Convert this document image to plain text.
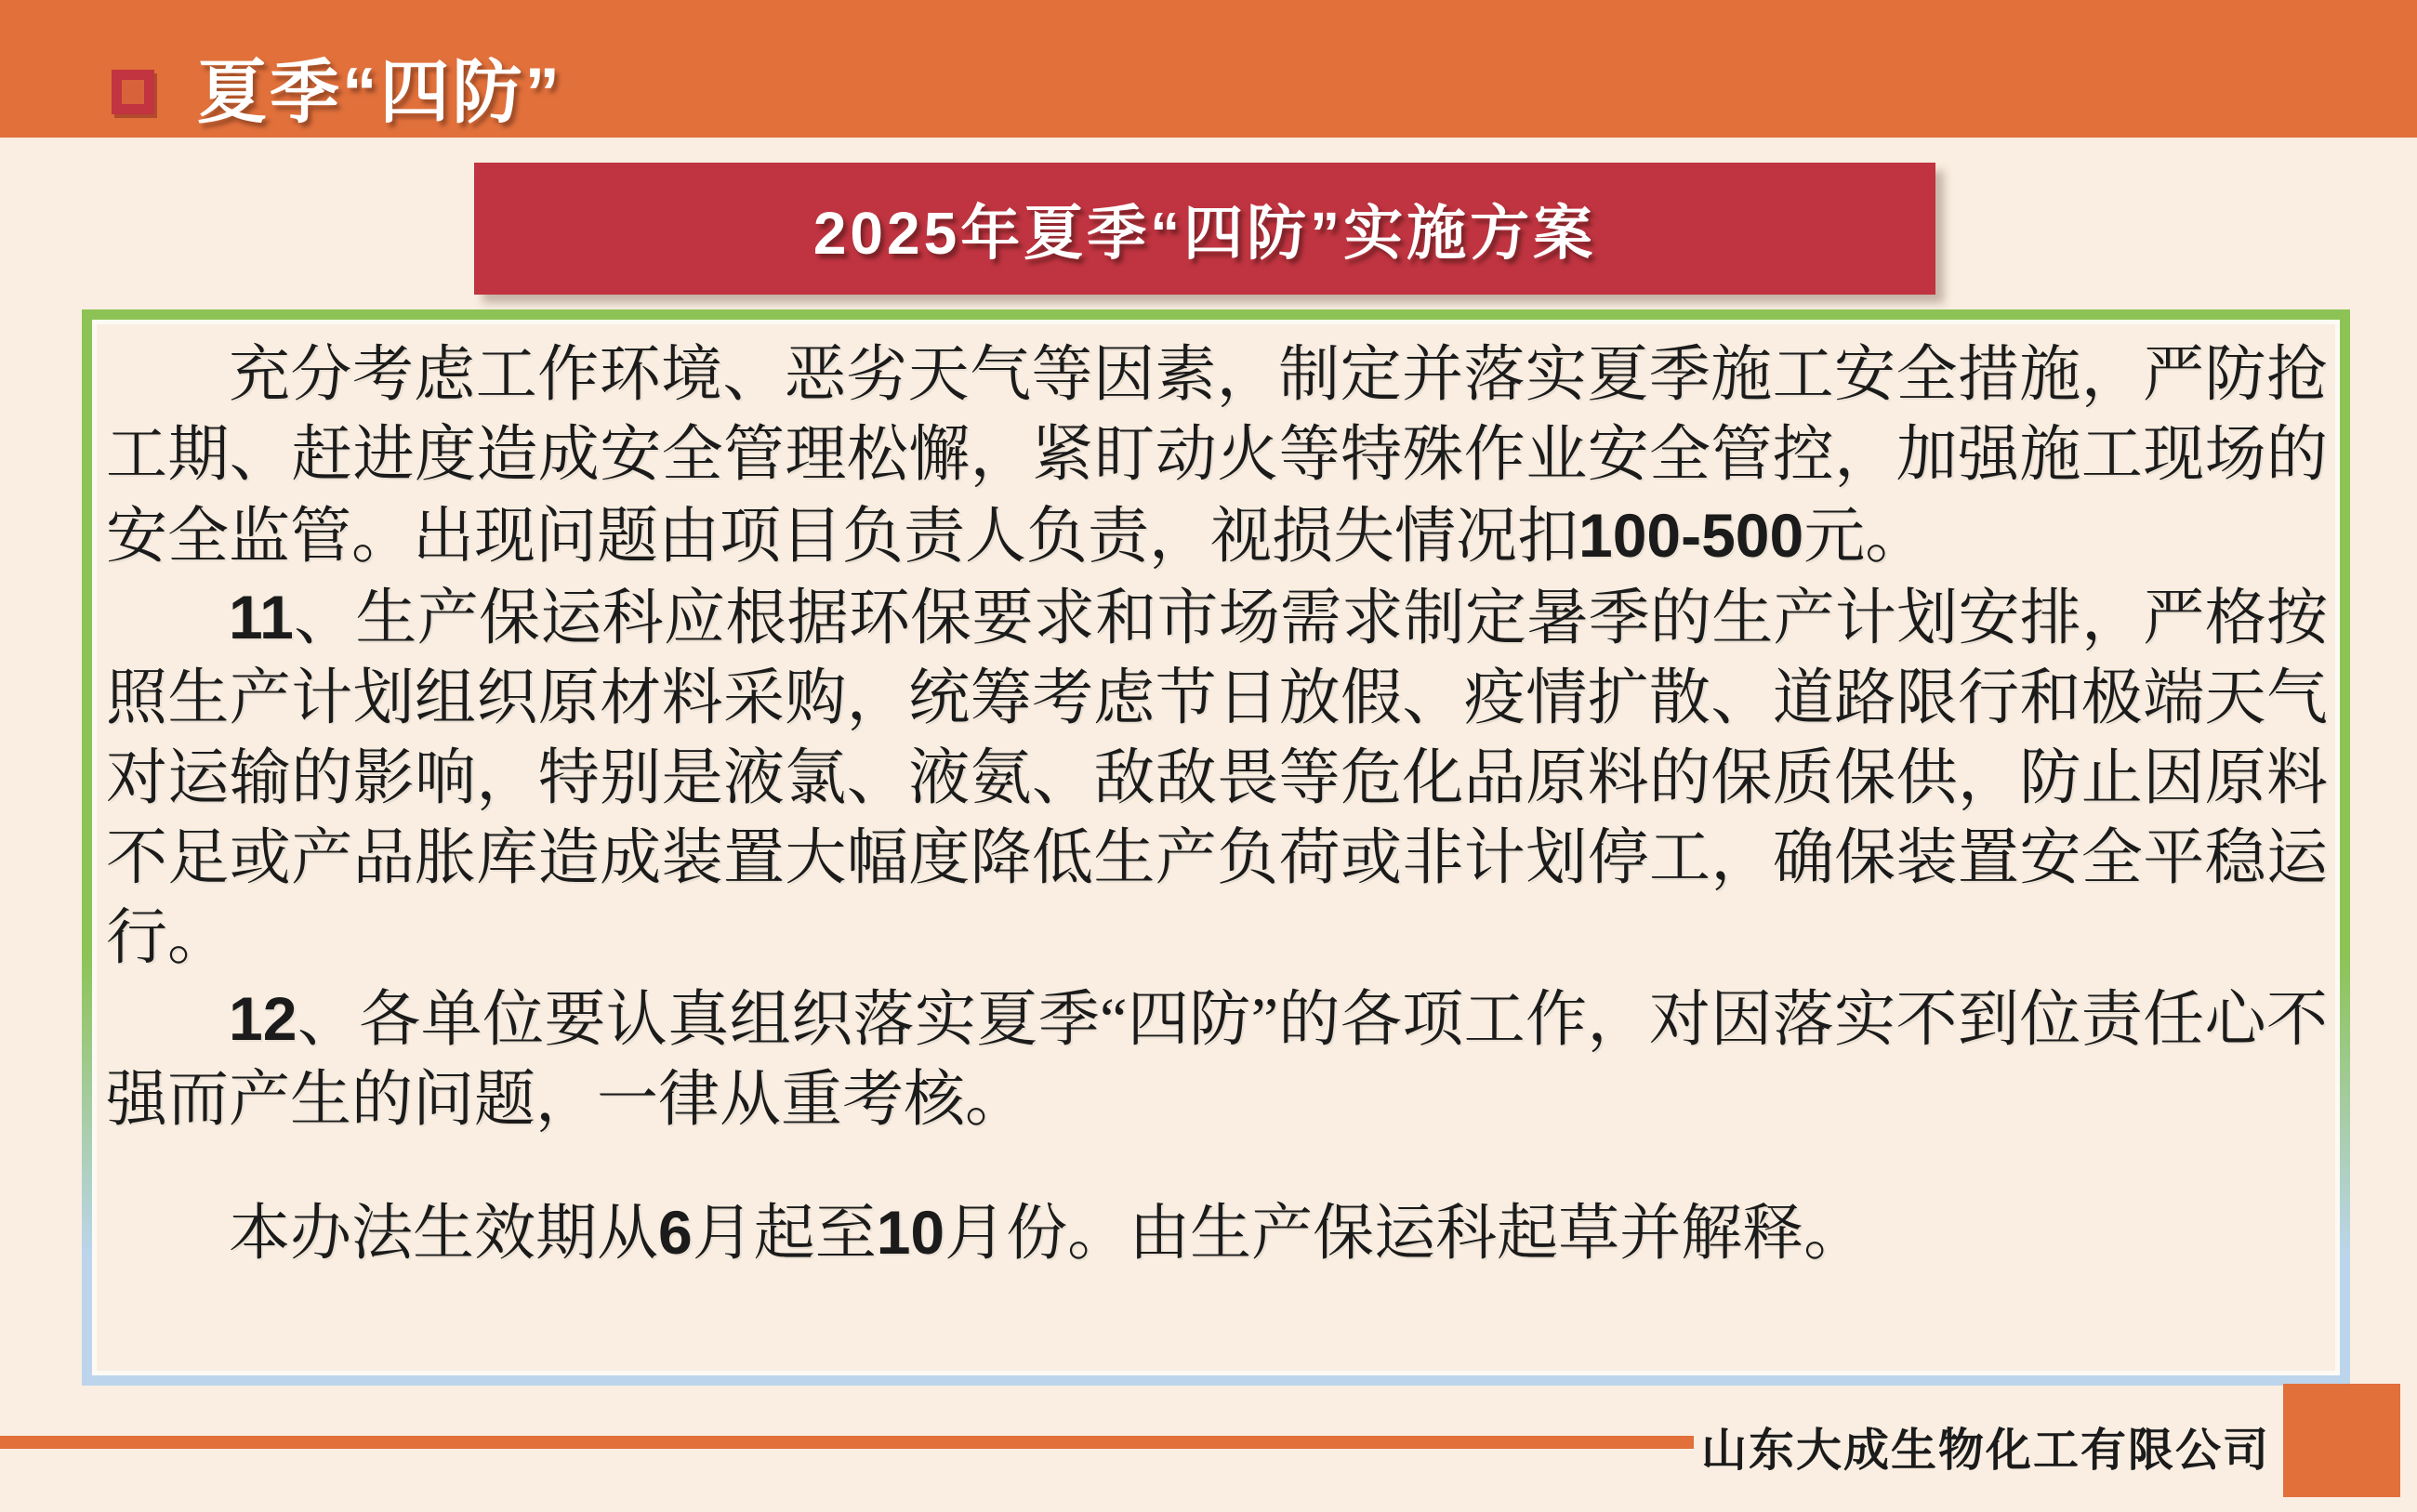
夏季“四防”
2025年夏季“四防”实施方案

充分考虑工作环境、恶劣天气等因素，制定并落实夏季施工安全措施，严防抢工期、赶进度造成安全管理松懈，紧盯动火等特殊作业安全管控，加强施工现场的安全监管。出现问题由项目负责人负责，视损失情况扣100-500元。

11、生产保运科应根据环保要求和市场需求制定暑季的生产计划安排，严格按照生产计划组织原材料采购，统筹考虑节日放假、疫情扩散、道路限行和极端天气对运输的影响，特别是液氯、液氨、敌敌畏等危化品原料的保质保供，防止因原料不足或产品胀库造成装置大幅度降低生产负荷或非计划停工，确保装置安全平稳运行。

12、各单位要认真组织落实夏季“四防”的各项工作，对因落实不到位责任心不强而产生的问题，一律从重考核。

本办法生效期从6月起至10月份。由生产保运科起草并解释。

山东大成生物化工有限公司
